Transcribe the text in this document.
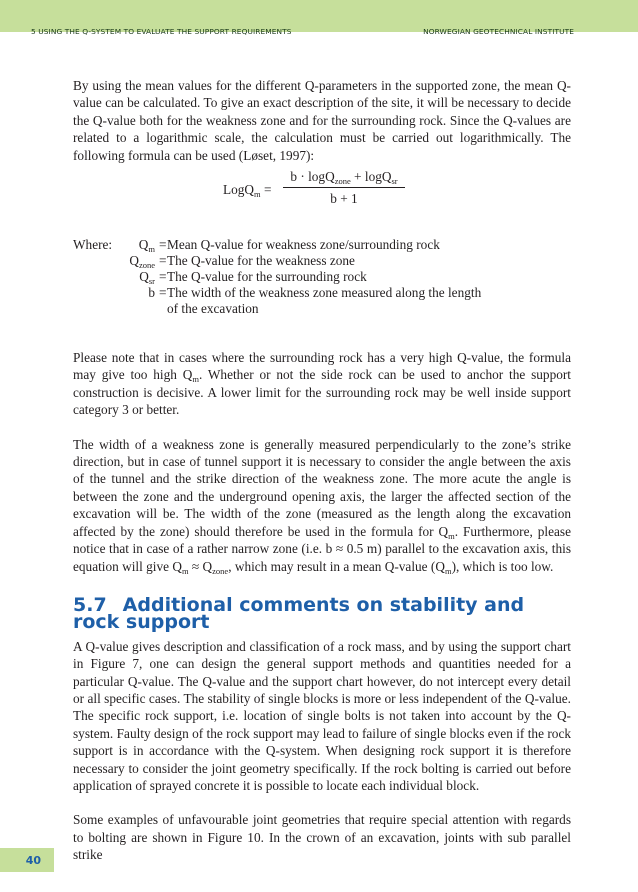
5 USING THE Q-SYSTEM TO EVALUATE THE SUPPORT REQUIREMENTS	NORWEGIAN GEOTECHNICAL INSTITUTE

By using the mean values for the different Q-parameters in the supported zone, the mean Q-value can be calculated. To give an exact description of the site, it will be necessary to decide the Q-value both for the weakness zone and for the surrounding rock. Since the Q-values are related to a logarithmic scale, the calculation must be carried out logarithmically. The following formula can be used (Løset, 1997):

LogQ$_m$ =
b · logQ$_{zone}$ + logQ$_{sr}$
b + 1
Where: $Q_m$ = Mean Q-value for weakness zone/surrounding rock
$Q_{zone}$ = The Q-value for the weakness zone
$Q_{sr}$ = The Q-value for the surrounding rock
b = The width of the weakness zone measured along the length
of the excavation

Please note that in cases where the surrounding rock has a very high Q-value, the formula may give too high $Q_m$. Whether or not the side rock can be used to anchor the support construction is decisive. A lower limit for the surrounding rock may be well inside support category 3 or better.

The width of a weakness zone is generally measured perpendicularly to the zone’s strike direction, but in case of tunnel support it is necessary to consider the angle between the axis of the tunnel and the strike direction of the weakness zone. The more acute the angle is between the zone and the underground opening axis, the larger the affected section of the excavation will be. The width of the zone (measured as the length along the excavation affected by the zone) should therefore be used in the formula for $Q_m$. Furthermore, please notice that in case of a rather narrow zone (i.e. b ≈ 0.5 m) parallel to the excavation axis, this equation will give $Q_m \approx Q_{zone}$, which may result in a mean Q-value $(Q_m)$, which is too low.

5.7 Additional comments on stability and rock support

A Q-value gives description and classification of a rock mass, and by using the support chart in Figure 7, one can design the general support methods and quantities needed for a particular Q-value. The Q-value and the support chart however, do not intercept every detail or all specific cases. The stability of single blocks is more or less independent of the Q-value. The specific rock support, i.e. location of single bolts is not taken into account by the Q-system. Faulty design of the rock support may lead to failure of single blocks even if the rock support is in accordance with the Q-system. When designing rock support it is therefore necessary to consider the joint geometry specifically. If the rock bolting is carried out before application of sprayed concrete it is possible to locate each individual block.

Some examples of unfavourable joint geometries that require special attention with regards to bolting are shown in Figure 10. In the crown of an excavation, joints with sub parallel strike

40
